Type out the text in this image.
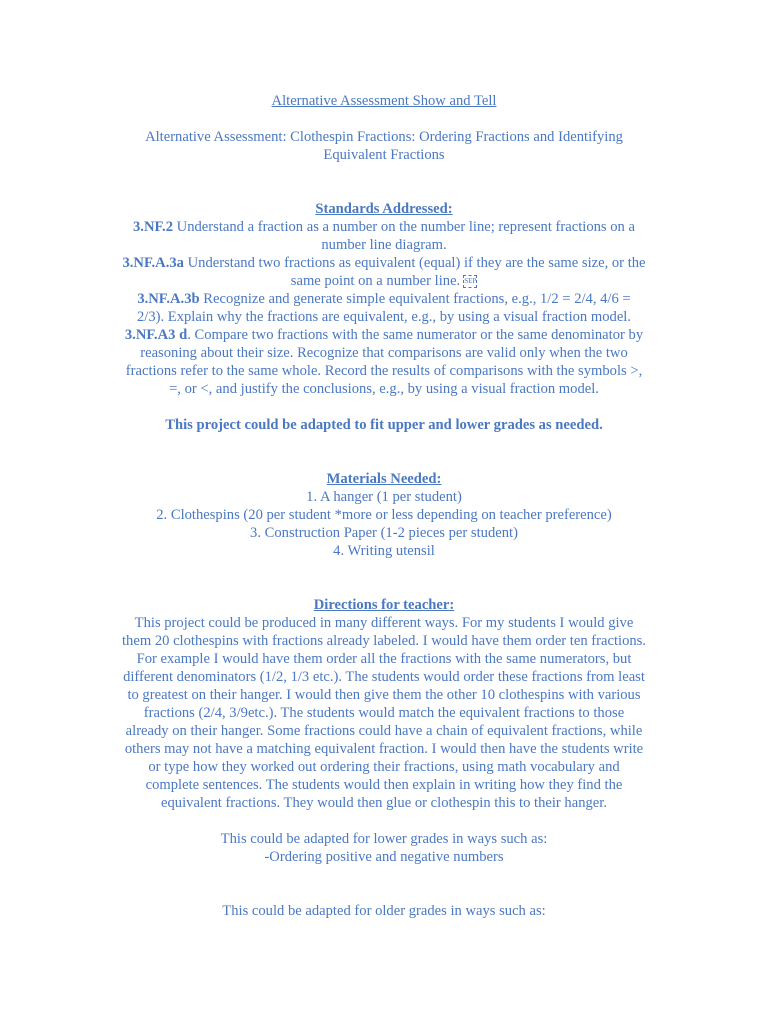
Alternative Assessment Show and Tell
Alternative Assessment: Clothespin Fractions: Ordering Fractions and Identifying
Equivalent Fractions
Standards Addressed:
3.NF.2 Understand a fraction as a number on the number line; represent fractions on a
number line diagram.
3.NF.A.3a Understand two fractions as equivalent (equal) if they are the same size, or the
same point on a number line. SEP
3.NF.A.3b Recognize and generate simple equivalent fractions, e.g., 1/2 = 2/4, 4/6 =
2/3). Explain why the fractions are equivalent, e.g., by using a visual fraction model.
3.NF.A3 d. Compare two fractions with the same numerator or the same denominator by
reasoning about their size. Recognize that comparisons are valid only when the two
fractions refer to the same whole. Record the results of comparisons with the symbols >,
=, or <, and justify the conclusions, e.g., by using a visual fraction model.
This project could be adapted to fit upper and lower grades as needed.
Materials Needed:
1. A hanger (1 per student)
2. Clothespins (20 per student *more or less depending on teacher preference)
3. Construction Paper (1-2 pieces per student)
4. Writing utensil
Directions for teacher:
This project could be produced in many different ways. For my students I would give
them 20 clothespins with fractions already labeled. I would have them order ten fractions.
For example I would have them order all the fractions with the same numerators, but
different denominators (1/2, 1/3 etc.). The students would order these fractions from least
to greatest on their hanger. I would then give them the other 10 clothespins with various
fractions (2/4, 3/9etc.). The students would match the equivalent fractions to those
already on their hanger. Some fractions could have a chain of equivalent fractions, while
others may not have a matching equivalent fraction. I would then have the students write
or type how they worked out ordering their fractions, using math vocabulary and
complete sentences. The students would then explain in writing how they find the
equivalent fractions. They would then glue or clothespin this to their hanger.
This could be adapted for lower grades in ways such as:
-Ordering positive and negative numbers
This could be adapted for older grades in ways such as:
